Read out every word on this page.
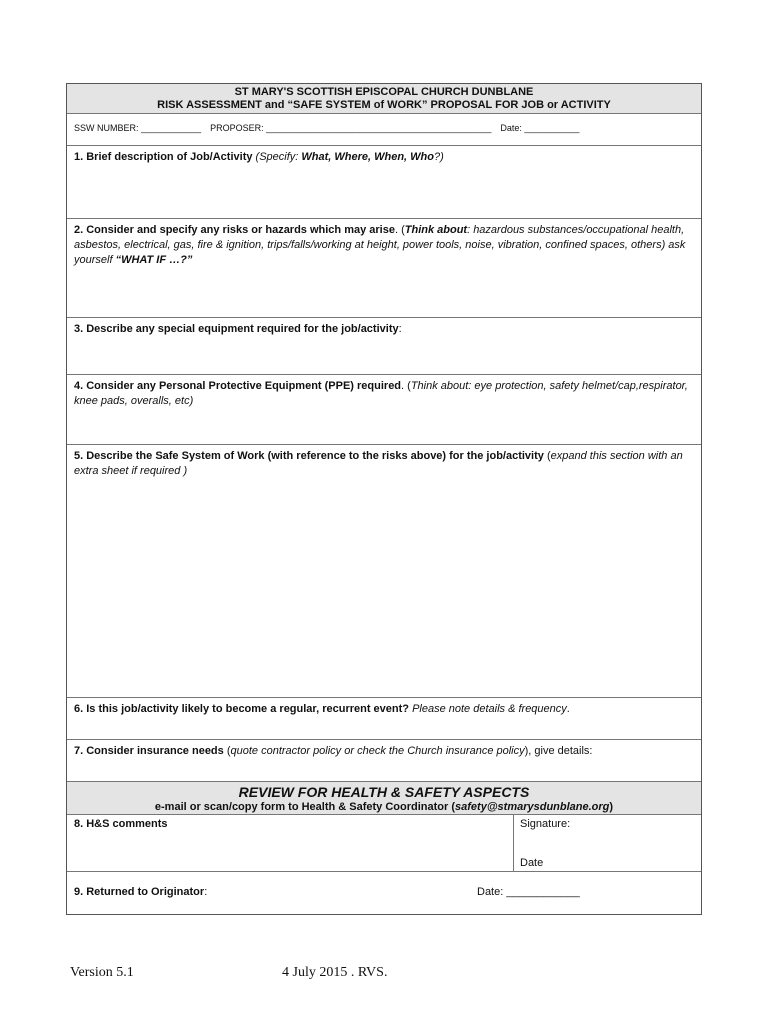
ST MARY'S SCOTTISH EPISCOPAL CHURCH DUNBLANE
RISK ASSESSMENT and “SAFE SYSTEM of WORK” PROPOSAL FOR JOB or ACTIVITY
SSW NUMBER: ____________ PROPOSER: _____________________________________________ Date: ___________
1. Brief description of Job/Activity (Specify: What, Where, When, Who?)
2. Consider and specify any risks or hazards which may arise. (Think about: hazardous substances/occupational health, asbestos, electrical, gas, fire & ignition, trips/falls/working at height, power tools, noise, vibration, confined spaces, others) ask yourself “WHAT IF …?”
3. Describe any special equipment required for the job/activity:
4. Consider any Personal Protective Equipment (PPE) required. (Think about: eye protection, safety helmet/cap,respirator, knee pads, overalls, etc)
5. Describe the Safe System of Work (with reference to the risks above) for the job/activity (expand this section with an extra sheet if required )
6. Is this job/activity likely to become a regular, recurrent event? Please note details & frequency.
7. Consider insurance needs (quote contractor policy or check the Church insurance policy), give details:
REVIEW FOR HEALTH & SAFETY ASPECTS
e-mail or scan/copy form to Health & Safety Coordinator (safety@stmarysdunblane.org)
8. H&S comments	Signature:
Date
9. Returned to Originator:	Date: ____________
Version 5.1	4 July 2015 . RVS.
